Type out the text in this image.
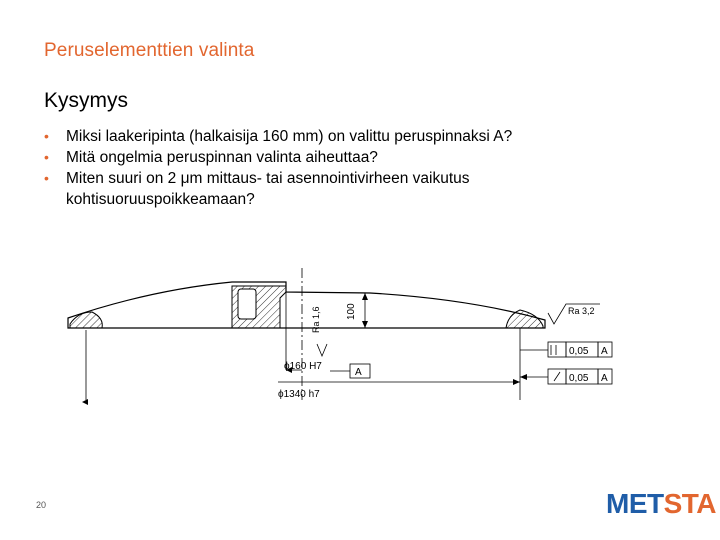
Peruselementtien valinta
Kysymys
• Miksi laakeripinta (halkaisija 160 mm) on valittu peruspinnaksi A?
• Mitä ongelmia peruspinnan valinta aiheuttaa?
• Miten suuri on 2 μm mittaus- tai asennointivirheen vaikutus kohtisuoruuspoikkeamaan?
100
Ra 1,6
ϕ160 H7
A
ϕ1340 h7
Ra 3,2
0,05 A
0,05 A
20	METSTA
